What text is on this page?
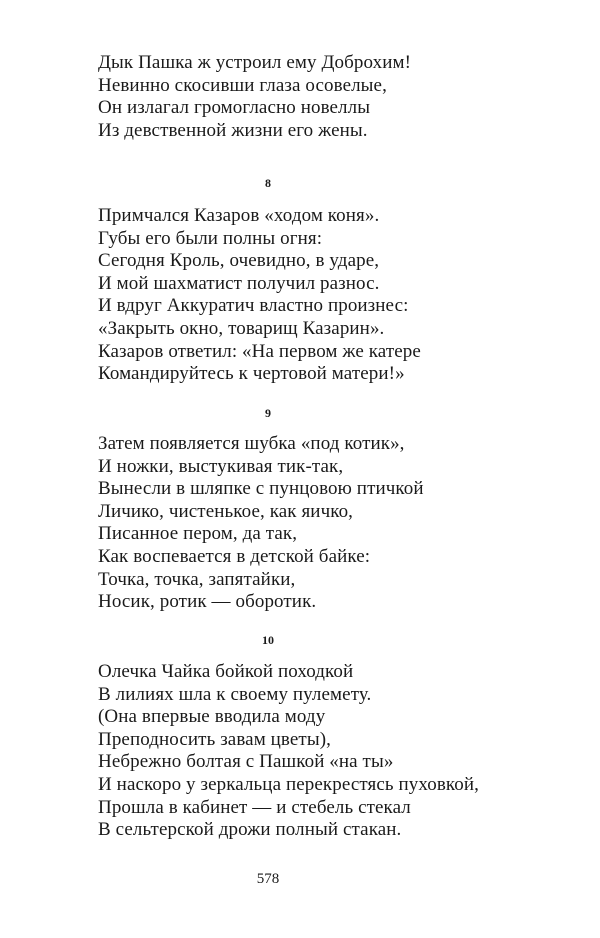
Дык Пашка ж устроил ему Доброхим!
Невинно скосивши глаза осовелые,
Он излагал громогласно новеллы
Из девственной жизни его жены.
8
Примчался Казаров «ходом коня».
Губы его были полны огня:
Сегодня Кроль, очевидно, в ударе,
И мой шахматист получил разнос.
И вдруг Аккуратич властно произнес:
«Закрыть окно, товарищ Казарин».
Казаров ответил: «На первом же катере
Командируйтесь к чертовой матери!»
9
Затем появляется шубка «под котик»,
И ножки, выстукивая тик-так,
Вынесли в шляпке с пунцовою птичкой
Личико, чистенькое, как яичко,
Писанное пером, да так,
Как воспевается в детской байке:
Точка, точка, запятайки,
Носик, ротик — оборотик.
10
Олечка Чайка бойкой походкой
В лилиях шла к своему пулемету.
(Она впервые вводила моду
Преподносить завам цветы),
Небрежно болтая с Пашкой «на ты»
И наскоро у зеркальца перекрестясь пуховкой,
Прошла в кабинет — и стебель стекал
В сельтерской дрожи полный стакан.
578
